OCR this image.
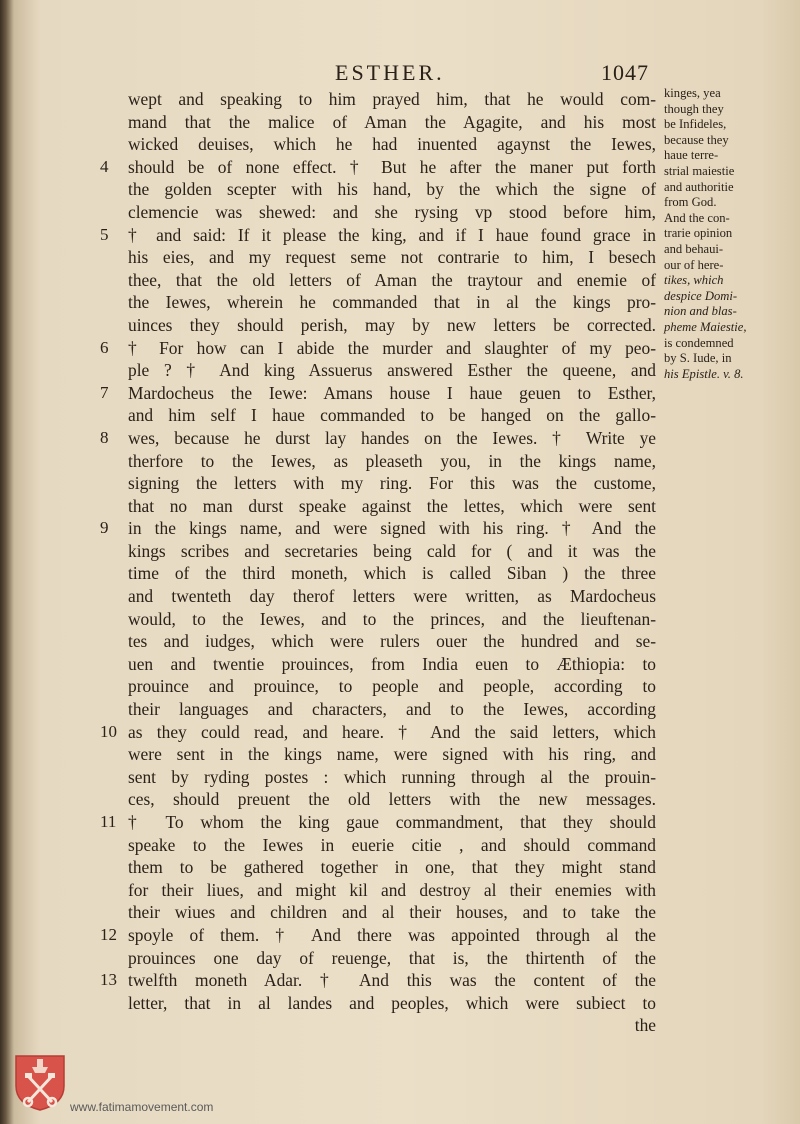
ESTHER.	1047
wept and speaking to him prayed him, that he would com-
mand that the malice of Aman the Agagite, and his most
wicked deuises, which he had inuented agaynst the Iewes,
should be of none effect. † But he after the maner put forth
4
the golden scepter with his hand, by the which the signe of
clemencie was shewed: and she rysing vp stood before him,
† and said: If it please the king, and if I haue found grace in
5
his eies, and my request seme not contrarie to him, I besech
thee, that the old letters of Aman the traytour and enemie of
the Iewes, wherein he commanded that in al the kings pro-
uinces they should perish, may by new letters be corrected.
† For how can I abide the murder and slaughter of my peo-
6
ple ? † And king Assuerus answered Esther the queene, and
Mardocheus the Iewe: Amans house I haue geuen to Esther,
7
and him self I haue commanded to be hanged on the gallo-
wes, because he durst lay handes on the Iewes. † Write ye
8
therfore to the Iewes, as pleaseth you, in the kings name,
signing the letters with my ring. For this was the custome,
that no man durst speake against the lettes, which were sent
in the kings name, and were signed with his ring. † And the
9
kings scribes and secretaries being cald for ( and it was the
time of the third moneth, which is called Siban ) the three
and twenteth day therof letters were written, as Mardocheus
would, to the Iewes, and to the princes, and the lieuftenan-
tes and iudges, which were rulers ouer the hundred and se-
uen and twentie prouinces, from India euen to Æthiopia: to
prouince and prouince, to people and people, according to
their languages and characters, and to the Iewes, according
as they could read, and heare. † And the said letters, which
10
were sent in the kings name, were signed with his ring, and
sent by ryding postes : which running through al the prouin-
ces, should preuent the old letters with the new messages.
† To whom the king gaue commandment, that they should
11
speake to the Iewes in euerie citie , and should command
them to be gathered together in one, that they might stand
for their liues, and might kil and destroy al their enemies with
their wiues and children and al their houses, and to take the
spoyle of them. † And there was appointed through al the
12
prouinces one day of reuenge, that is, the thirtenth of the
twelfth moneth Adar. † And this was the content of the
13
letter, that in al landes and peoples, which were subiect to
the
kinges, yea
though they
be Infideles,
because they
haue terre-
strial maiestie
and authoritie
from God.
And the con-
trarie opinion
and behaui-
our of here-
tikes, which
despice Domi-
nion and blas-
pheme Maiestie,
is condemned
by S. Iude, in
his Epistle. v. 8.
www.fatimamovement.com
